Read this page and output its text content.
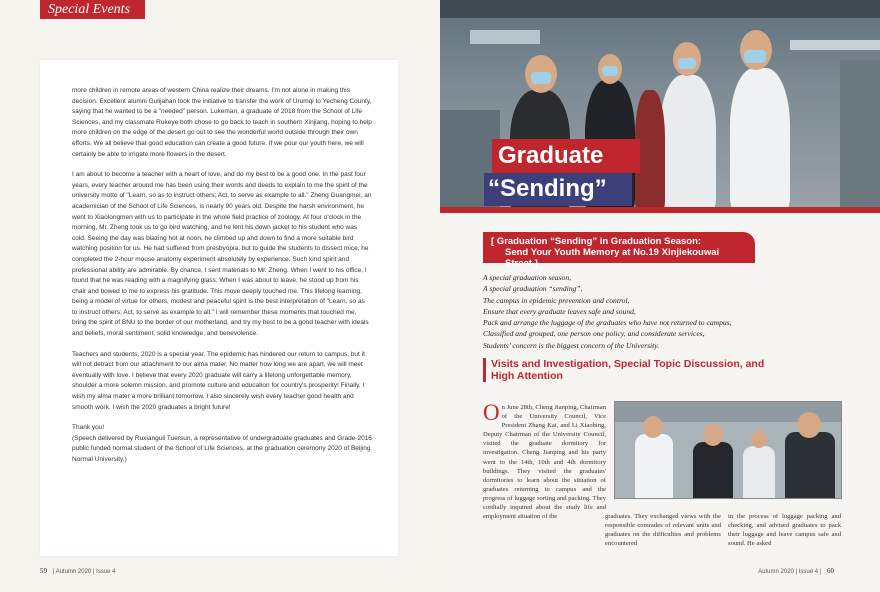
Special Events

more children in remote areas of western China realize their dreams. I'm not alone in making this decision. Excellent alumni Gulijahan took the initiative to transfer the work of Urumqi to Yecheng County, saying that he wanted to be a "needed" person. Lukeman, a graduate of 2018 from the School of Life Sciences, and my classmate Rukeye both chose to go back to teach in southern Xinjiang, hoping to help more children on the edge of the desert go out to see the wonderful world outside through their own efforts. We all believe that good education can create a good future. If we pour our youth here, we will certainly be able to irrigate more flowers in the desert.

I am about to become a teacher with a heart of love, and do my best to be a good one. In the past four years, every teacher around me has been using their words and deeds to explain to me the spirit of the university motto of "Learn, so as to instruct others; Act, to serve as example to all." Zheng Guangmei, an academician of the School of Life Sciences, is nearly 90 years old. Despite the harsh environment, he went to Xiaolongmen with us to participate in the whole field practice of zoology. At four o'clock in the morning, Mr. Zheng took us to go bird watching, and he lent his down jacket to his student who was cold. Seeing the day was blazing hot at noon, he climbed up and down to find a more suitable bird watching position for us. He had suffered from presbyopia, but to guide the students to dissect mice, he completed the 2-hour mouse anatomy experiment absolutely by experience. Such kind spirit and professional ability are admirable. By chance, I sent materials to Mr. Zheng. When I went to his office, I found that he was reading with a magnifying glass. When I was about to leave, he stood up from his chair and bowed to me to express his gratitude. This move deeply touched me. This lifelong learning, being a model of virtue for others, modest and peaceful spirit is the best interpretation of "Learn, so as to instruct others; Act, to serve as example to all." I will remember these moments that touched me, bring the spirit of BNU to the border of our motherland, and try my best to be a good teacher with ideals and beliefs, moral sentiment, solid knowledge, and benevolence.

Teachers and students, 2020 is a special year. The epidemic has hindered our return to campus, but it will not detract from our attachment to our alma mater. No matter how long we are apart, we will meet eventually with love. I believe that every 2020 graduate will carry a lifelong unforgettable memory, shoulder a more solemn mission, and promote culture and education for country's prosperity! Finally, I wish my alma mater a more brilliant tomorrow. I also sincerely wish every teacher good health and smooth work. I wish the 2020 graduates a bright future!

Thank you!

(Speech delivered by Ruxianguli Tuersun, a representative of undergraduate graduates and Grade-2016 public funded normal student of the School of Life Sciences, at the graduation ceremony 2020 of Beijing Normal University.)

59 | Autumn 2020 | Issue 4
Graduate
“Sending”
[ Graduation “Sending” in Graduation Season:
Send Your Youth Memory at No.19 Xinjiekouwai Street ]
A special graduation season,
A special graduation “sending”,
The campus in epidemic prevention and control,
Ensure that every graduate leaves safe and sound,
Pack and arrange the luggage of the graduates who have not returned to campus,
Classified and grouped, one person one policy, and considerate services,
Students’ concern is the biggest concern of the University.
Visits and Investigation, Special Topic Discussion, and High Attention
O n June 28th, Cheng Jianping, Chairman of the University Council, Vice President Zhang Kai, and Li Xiaobing, Deputy Chairman of the University Council, visited the graduate dormitory for investigation. Cheng Jianping and his party went to the 14th, 10th and 4th dormitory buildings. They visited the graduates' dormitories to learn about the situation of graduates returning to campus and the progress of luggage sorting and packing. They cordially inquired about the study life and employment situation of the	graduates. They exchanged views with the responsible comrades of relevant units and graduates on the difficulties and problems encountered
in the process of luggage packing and checking, and advised graduates to pack their luggage and leave campus safe and sound. He asked
Autumn 2020 | Issue 4 | 60
